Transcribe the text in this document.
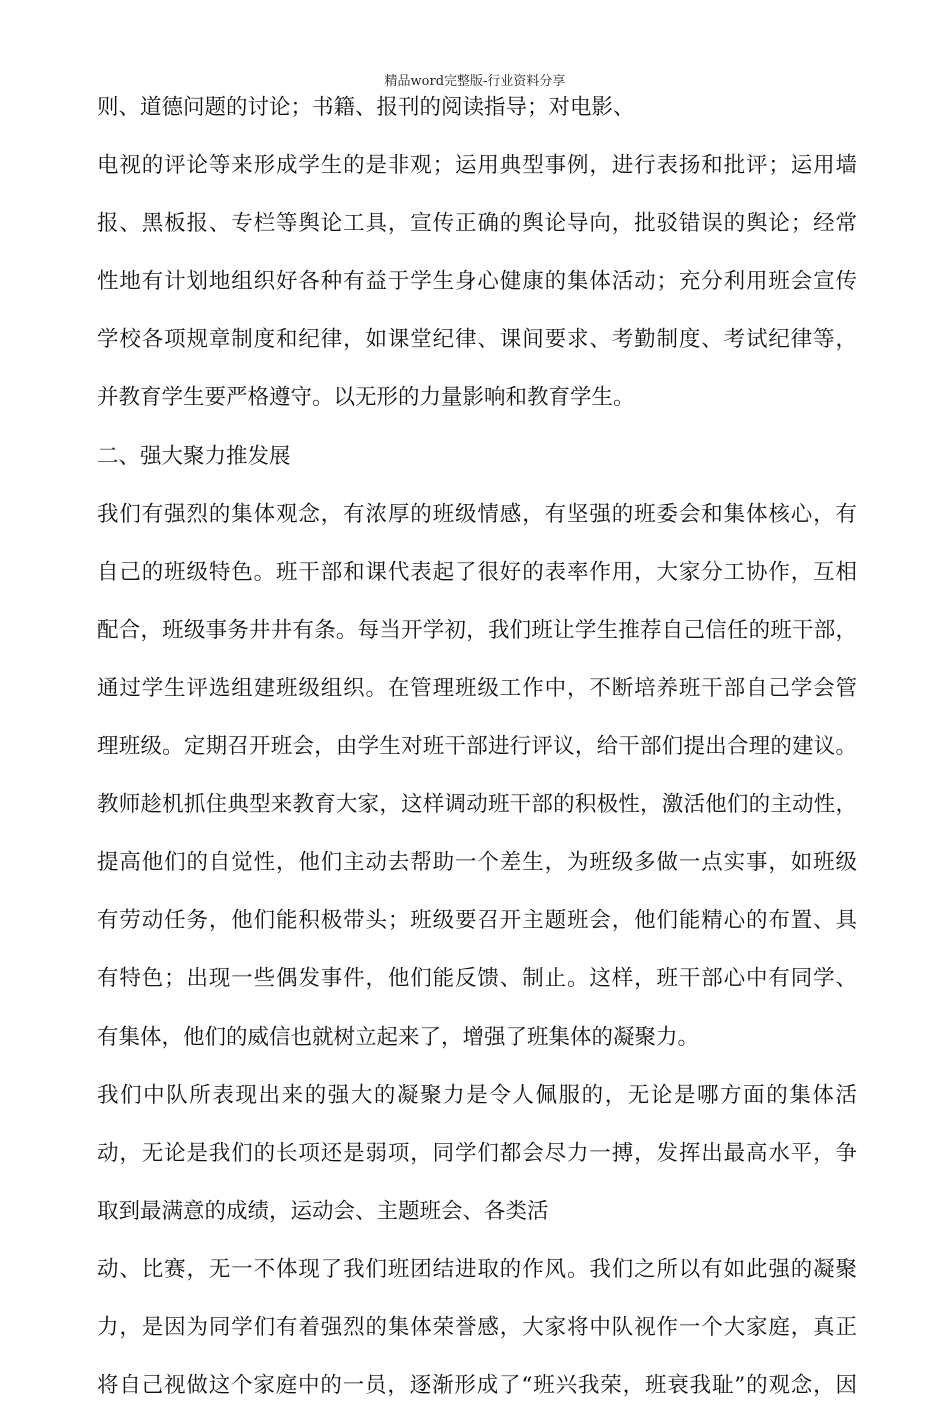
精品word完整版-行业资料分享
则、道德问题的讨论；书籍、报刊的阅读指导；对电影、
电视的评论等来形成学生的是非观；运用典型事例，进行表扬和批评；运用墙
报、黑板报、专栏等舆论工具，宣传正确的舆论导向，批驳错误的舆论；经常
性地有计划地组织好各种有益于学生身心健康的集体活动；充分利用班会宣传
学校各项规章制度和纪律，如课堂纪律、课间要求、考勤制度、考试纪律等，
并教育学生要严格遵守。以无形的力量影响和教育学生。
二、强大聚力推发展
我们有强烈的集体观念，有浓厚的班级情感，有坚强的班委会和集体核心，有
自己的班级特色。班干部和课代表起了很好的表率作用，大家分工协作，互相
配合，班级事务井井有条。每当开学初，我们班让学生推荐自己信任的班干部，
通过学生评选组建班级组织。在管理班级工作中，不断培养班干部自己学会管
理班级。定期召开班会，由学生对班干部进行评议，给干部们提出合理的建议。
教师趁机抓住典型来教育大家，这样调动班干部的积极性，激活他们的主动性，
提高他们的自觉性，他们主动去帮助一个差生，为班级多做一点实事，如班级
有劳动任务，他们能积极带头；班级要召开主题班会，他们能精心的布置、具
有特色；出现一些偶发事件，他们能反馈、制止。这样，班干部心中有同学、
有集体，他们的威信也就树立起来了，增强了班集体的凝聚力。
我们中队所表现出来的强大的凝聚力是令人佩服的，无论是哪方面的集体活
动，无论是我们的长项还是弱项，同学们都会尽力一搏，发挥出最高水平，争
取到最满意的成绩，运动会、主题班会、各类活
动、比赛，无一不体现了我们班团结进取的作风。我们之所以有如此强的凝聚
力，是因为同学们有着强烈的集体荣誉感，大家将中队视作一个大家庭，真正
将自己视做这个家庭中的一员，逐渐形成了“班兴我荣，班衰我耻”的观念，因
